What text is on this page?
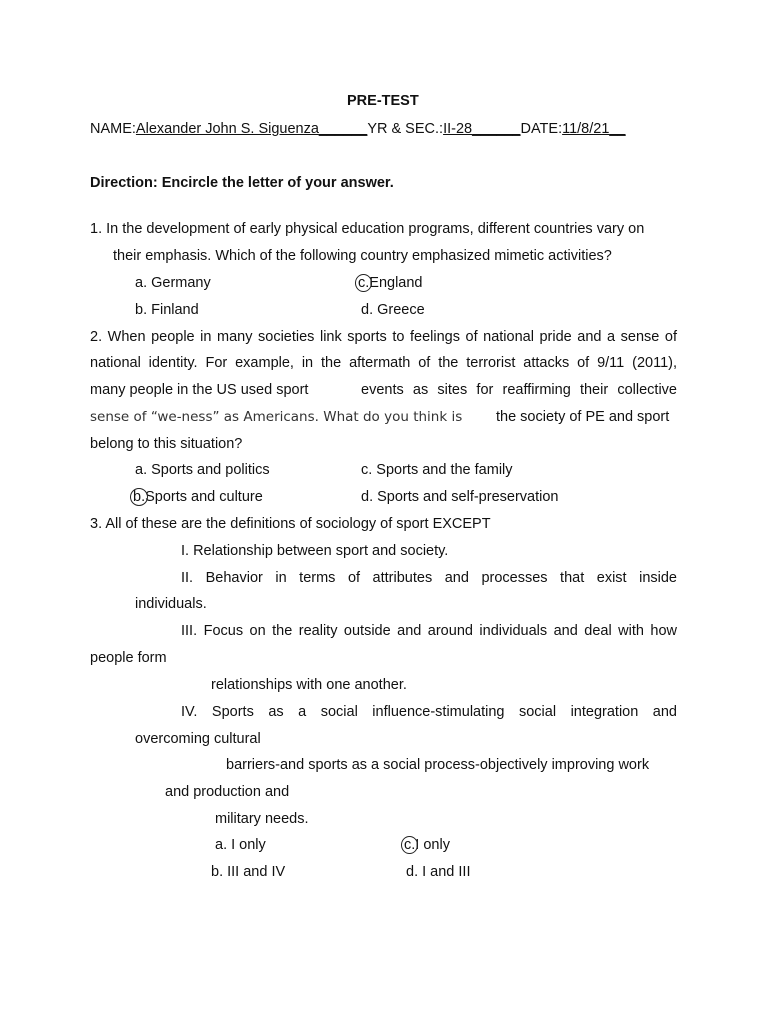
PRE-TEST
NAME:Alexander John S. Siguenza______YR & SEC.:II-28______DATE:11/8/21__
Direction: Encircle the letter of your answer.
1. In the development of early physical education programs, different countries vary on
their emphasis. Which of the following country emphasized mimetic activities?
a. Germany	c.England
b. Finland	d. Greece
2. When people in many societies link sports to feelings of national pride and a sense of
national identity. For example, in the aftermath of the terrorist attacks of 9/11 (2011),
many people in the US used sport	events as sites for reaffirming their collective
sense of “we-ness” as Americans. What do you think is the society of PE and sport
belong to this situation?
a. Sports and politics	c. Sports and the family
b.Sports and culture	d. Sports and self-preservation
3. All of these are the definitions of sociology of sport EXCEPT
I. Relationship between sport and society.
II. Behavior in terms of attributes and processes that exist inside
individuals.
III. Focus on the reality outside and around individuals and deal with how
people form
relationships with one another.
IV. Sports as a social influence-stimulating social integration and
overcoming cultural
barriers-and sports as a social process-objectively improving work
and production and
military needs.
a. I only	c.I only
b. III and IV	d. I and III
